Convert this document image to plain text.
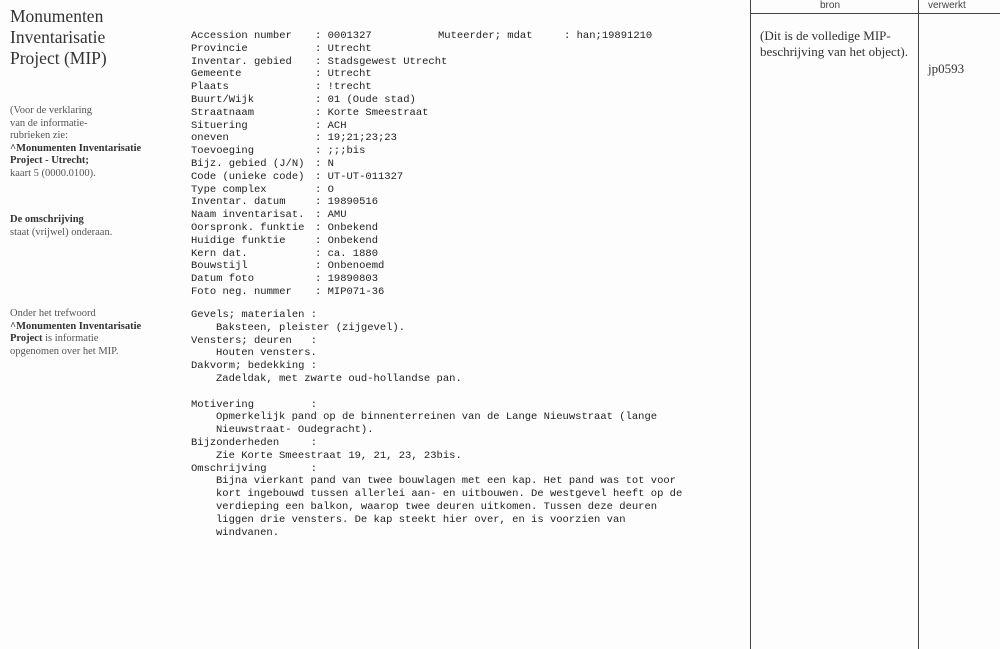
Monumenten
Inventarisatie
Project (MIP)
(Voor de verklaring
van de informatie-
rubrieken zie:
^Monumenten Inventarisatie
Project - Utrecht;
kaart 5 (0000.0100).
De omschrijving
staat (vrijwel) onderaan.
Onder het trefwoord
^Monumenten Inventarisatie
Project is informatie
opgenomen over het MIP.
Accession number : 0001327
Provincie	: Utrecht
Inventar. gebied : Stadsgewest Utrecht
Gemeente	: Utrecht
Plaats	: !trecht
Buurt/Wijk	: 01 (Oude stad)
Straatnaam	: Korte Smeestraat
Situering	: ACH
oneven	: 19;21;23;23
Toevoeging	: ;;;bis
Bijz. gebied (J/N) : N
Code (unieke code) : UT-UT-011327
Type complex	: O
Inventar. datum	: 19890516
Naam inventarisat. : AMU
Oorspronk. funktie : Onbekend
Huidige funktie	: Onbekend
Kern dat.	: ca. 1880
Bouwstijl	: Onbenoemd
Datum foto	: 19890803
Foto neg. nummer : MIP071-36
Muteerder; mdat     : han;19891210
Gevels; materialen :
Baksteen, pleister (zijgevel).
Vensters; deuren   :
Houten vensters.
Dakvorm; bedekking :
Zadeldak, met zwarte oud-hollandse pan.
Motivering         :
Opmerkelijk pand op de binnenterreinen van de Lange Nieuwstraat (lange
Nieuwstraat- Oudegracht).
Bijzonderheden     :
Zie Korte Smeestraat 19, 21, 23, 23bis.
Omschrijving       :
Bijna vierkant pand van twee bouwlagen met een kap. Het pand was tot voor
kort ingebouwd tussen allerlei aan- en uitbouwen. De westgevel heeft op de
verdieping een balkon, waarop twee deuren uitkomen. Tussen deze deuren
liggen drie vensters. De kap steekt hier over, en is voorzien van
windvanen.
bron	verwerkt
(Dit is de volledige MIP-beschrijving van het object).
jp0593
